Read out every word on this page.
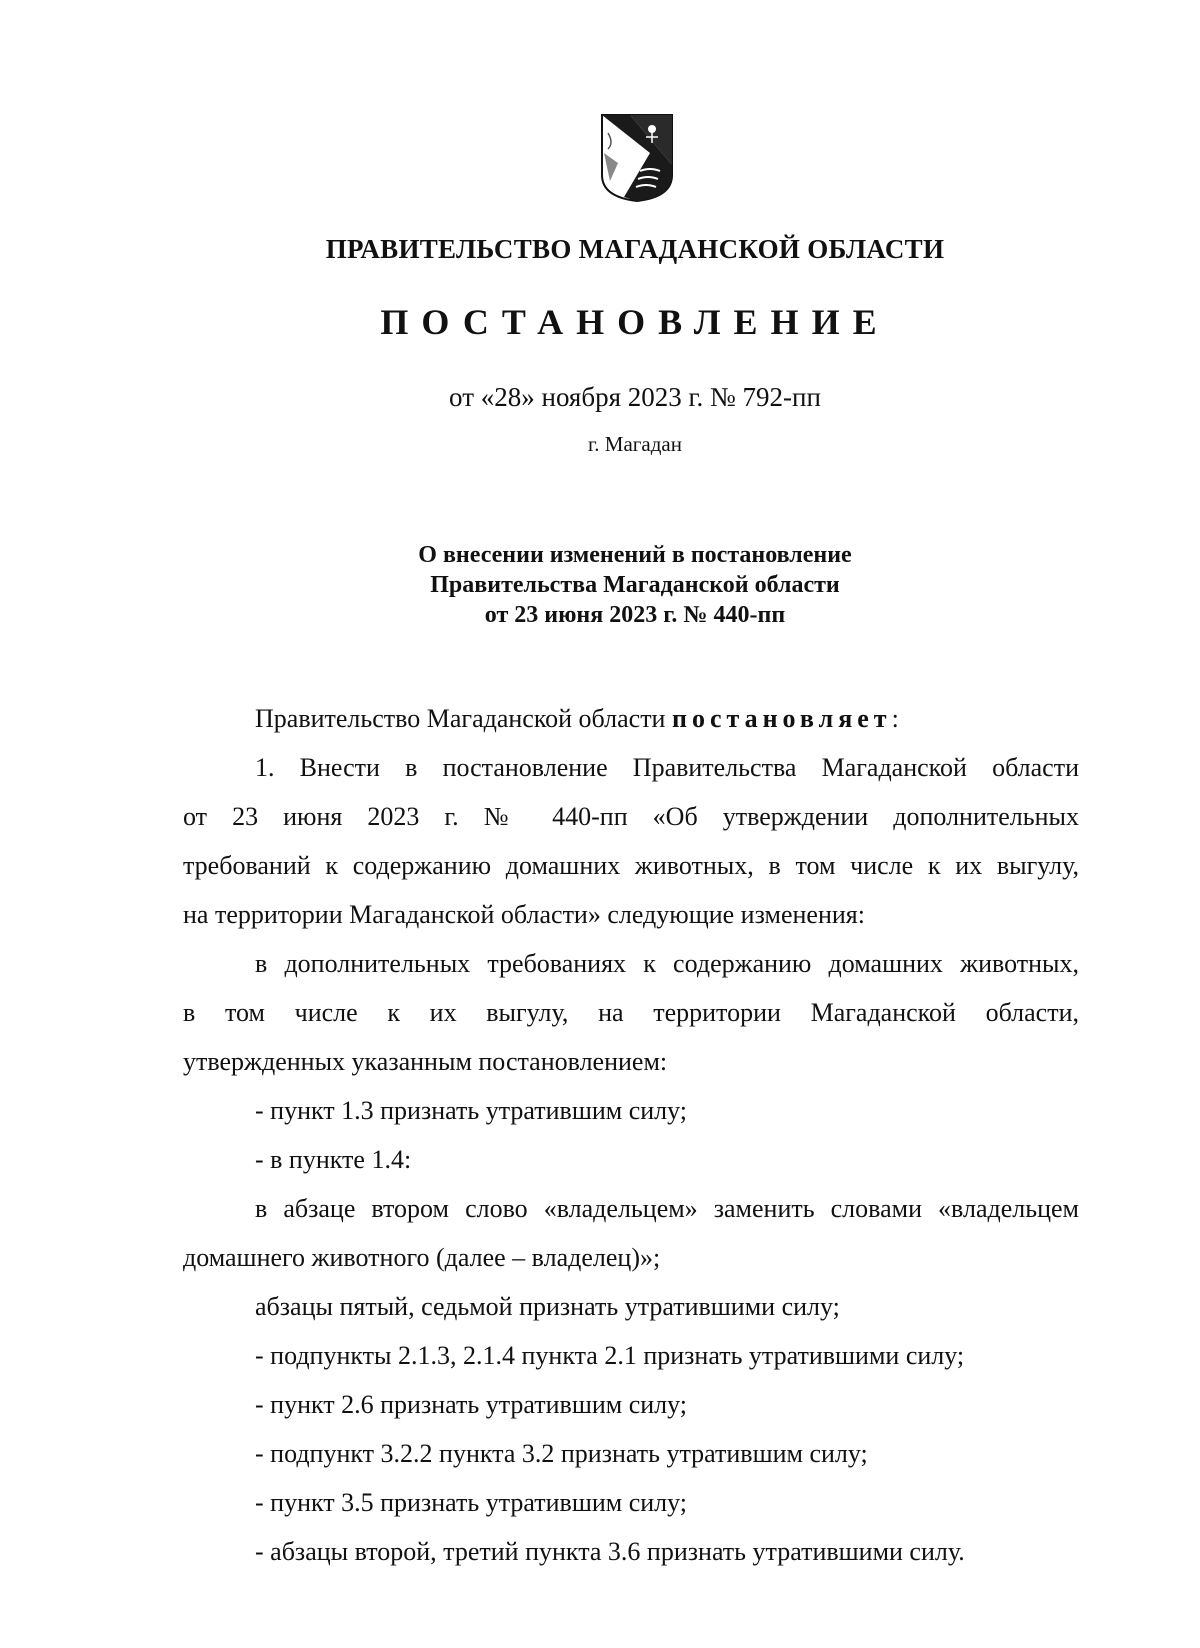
ПРАВИТЕЛЬСТВО МАГАДАНСКОЙ ОБЛАСТИ
ПОСТАНОВЛЕНИЕ
от «28» ноября 2023 г. № 792-пп
г. Магадан
О внесении изменений в постановление
Правительства Магаданской области
от 23 июня 2023 г. № 440-пп

Правительство Магаданской области постановляет:

1. Внести в постановление Правительства Магаданской области

от 23 июня 2023 г. № 440-пп «Об утверждении дополнительных

требований к содержанию домашних животных, в том числе к их выгулу,

на территории Магаданской области» следующие изменения:

в дополнительных требованиях к содержанию домашних животных,

в том числе к их выгулу, на территории Магаданской области,

утвержденных указанным постановлением:

- пункт 1.3 признать утратившим силу;

- в пункте 1.4:

в абзаце втором слово «владельцем» заменить словами «владельцем

домашнего животного (далее – владелец)»;

абзацы пятый, седьмой признать утратившими силу;

- подпункты 2.1.3, 2.1.4 пункта 2.1 признать утратившими силу;

- пункт 2.6 признать утратившим силу;

- подпункт 3.2.2 пункта 3.2 признать утратившим силу;

- пункт 3.5 признать утратившим силу;

- абзацы второй, третий пункта 3.6 признать утратившими силу.
